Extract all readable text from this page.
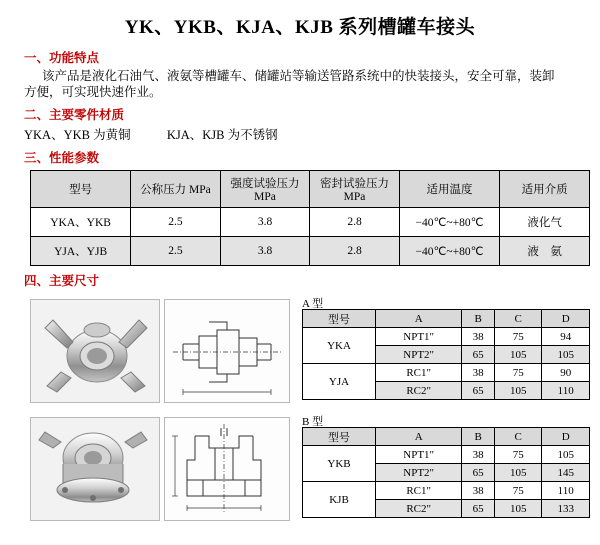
YK、YKB、KJA、KJB 系列槽罐车接头
一、功能特点
该产品是液化石油气、液氨等槽罐车、储罐站等输送管路系统中的快装接头，安全可靠，装卸
方便，可实现快速作业。
二、主要零件材质
YKA、YKB 为黄铜	KJA、KJB 为不锈钢
三、性能参数
型号	公称压力 MPa	强度试验压力 MPa	密封试验压力 MPa	适用温度	适用介质
YKA、YKB	2.5	3.8	2.8	−40℃~+80℃	液化气
YJA、YJB	2.5	3.8	2.8	−40℃~+80℃	液　氨
四、主要尺寸
A 型
型号	A	B	C	D
YKA	NPT1"	38	75	94
	NPT2"	65	105	105
YJA	RC1"	38	75	90
	RC2"	65	105	110
B 型
型号	A	B	C	D
YKB	NPT1"	38	75	105
	NPT2"	65	105	145
KJB	RC1"	38	75	110
	RC2"	65	105	133
